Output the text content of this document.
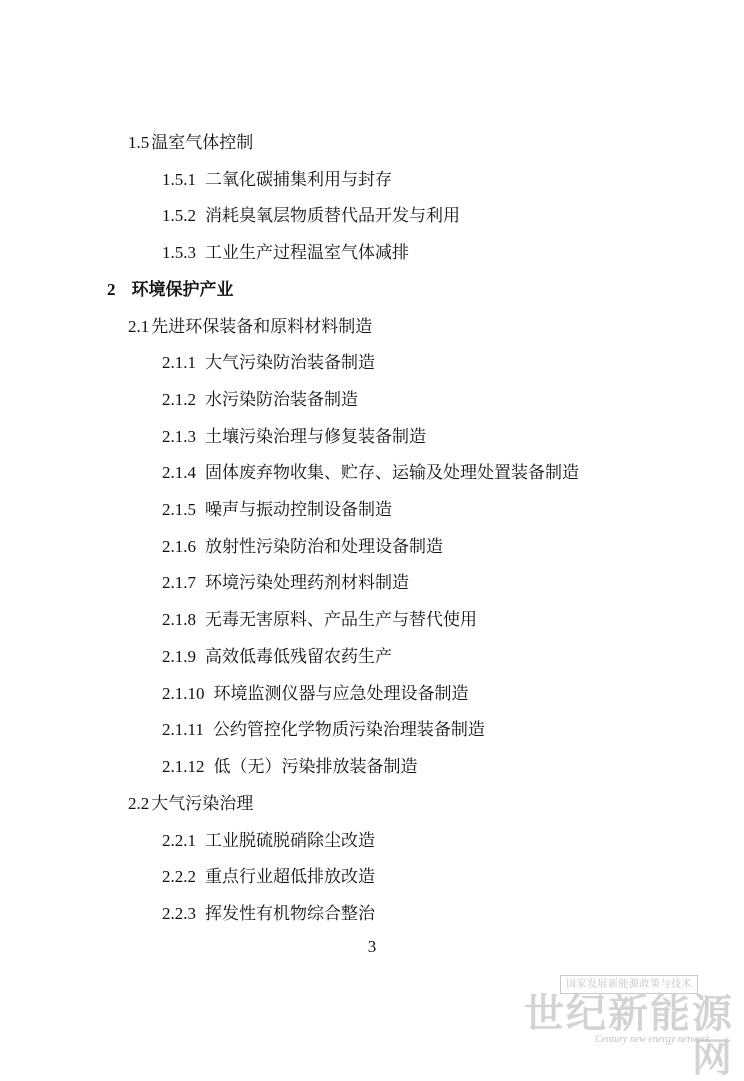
1.5 温室气体控制
1.5.1 二氧化碳捕集利用与封存
1.5.2 消耗臭氧层物质替代品开发与利用
1.5.3 工业生产过程温室气体减排
2 环境保护产业
2.1 先进环保装备和原料材料制造
2.1.1 大气污染防治装备制造
2.1.2 水污染防治装备制造
2.1.3 土壤污染治理与修复装备制造
2.1.4 固体废弃物收集、贮存、运输及处理处置装备制造
2.1.5 噪声与振动控制设备制造
2.1.6 放射性污染防治和处理设备制造
2.1.7 环境污染处理药剂材料制造
2.1.8 无毒无害原料、产品生产与替代使用
2.1.9 高效低毒低残留农药生产
2.1.10 环境监测仪器与应急处理设备制造
2.1.11 公约管控化学物质污染治理装备制造
2.1.12 低（无）污染排放装备制造
2.2 大气污染治理
2.2.1 工业脱硫脱硝除尘改造
2.2.2 重点行业超低排放改造
2.2.3 挥发性有机物综合整治
3
国家发展新能源政策与技术
世纪新能源网
Century new energy network
